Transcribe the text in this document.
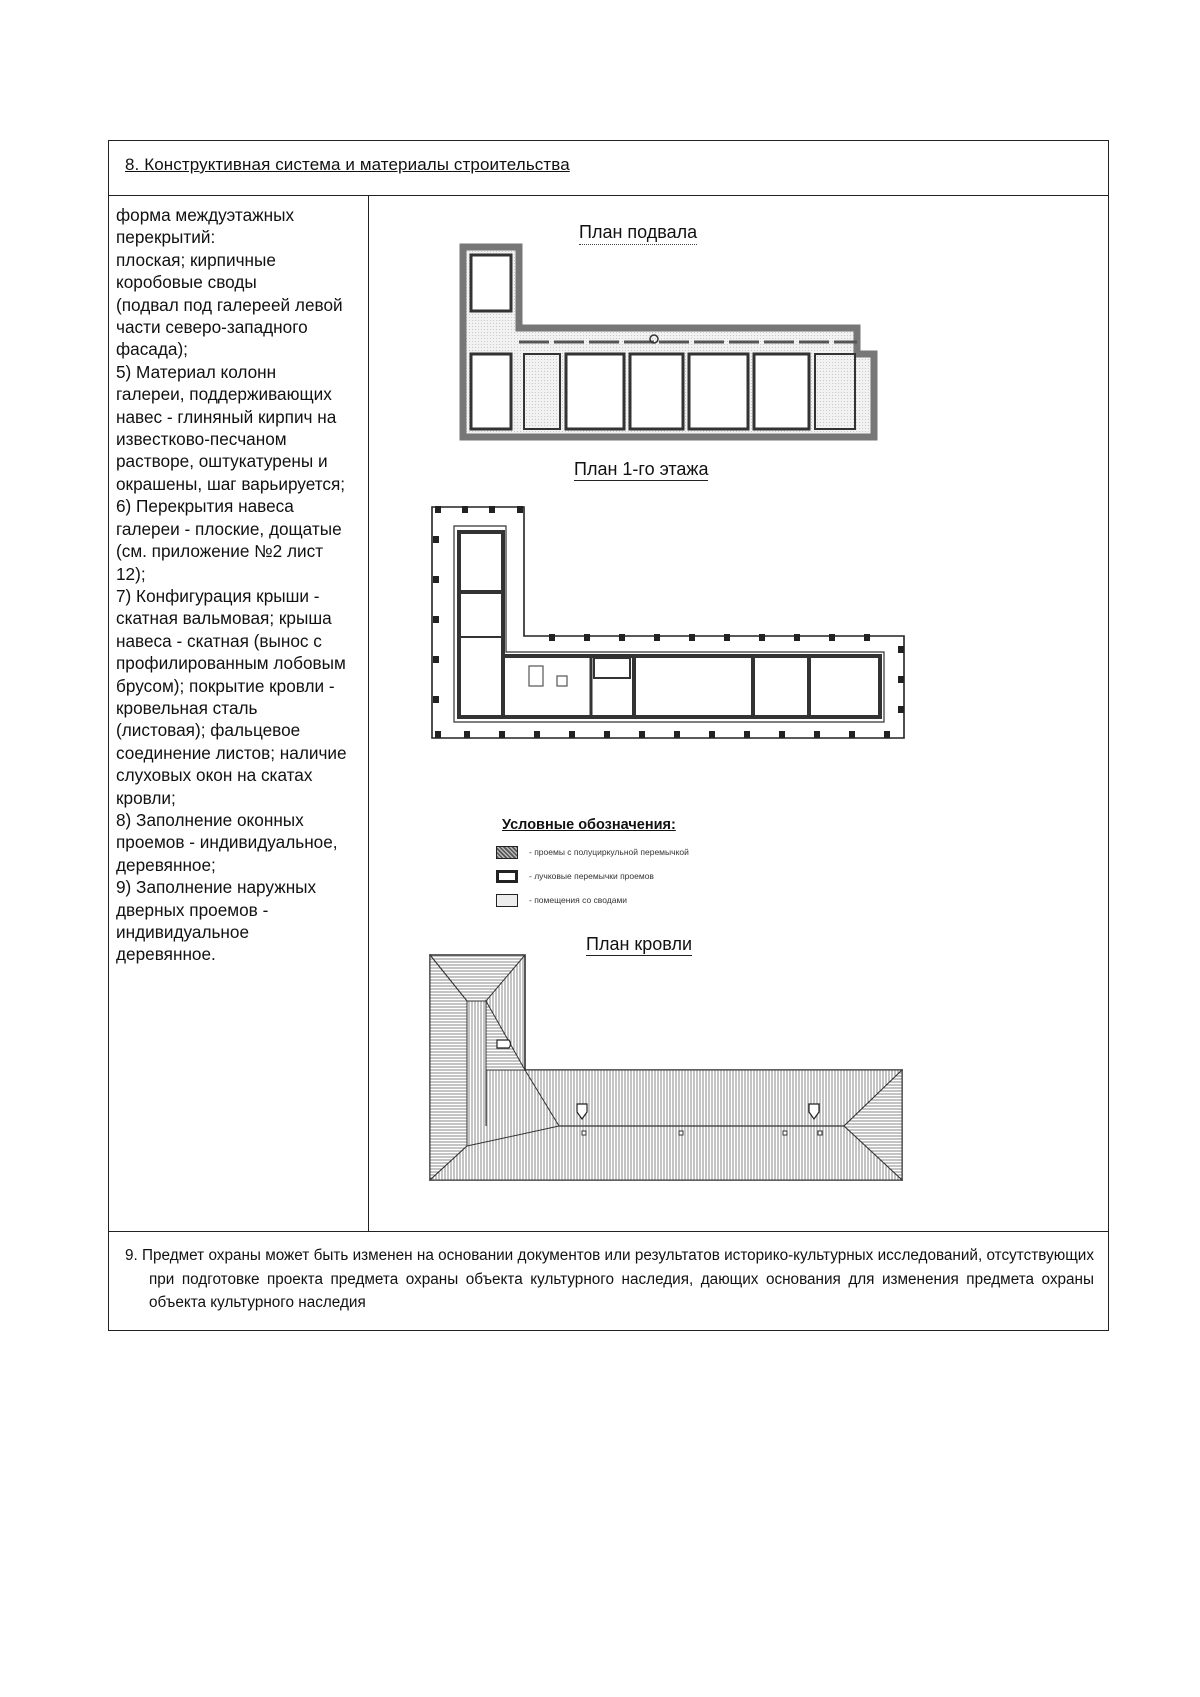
8. Конструктивная система и материалы строительства
форма междуэтажных
перекрытий:
плоская; кирпичные
коробовые своды
(подвал под галереей левой
части северо-западного
фасада);
5) Материал колонн
галереи, поддерживающих
навес - глиняный кирпич на
известково-песчаном
растворе, оштукатурены и
окрашены, шаг варьируется;
6) Перекрытия навеса
галереи - плоские, дощатые
(см. приложение №2 лист
12);
7) Конфигурация крыши -
скатная вальмовая; крыша
навеса - скатная (вынос с
профилированным лобовым
брусом); покрытие кровли -
кровельная сталь
(листовая); фальцевое
соединение листов; наличие
слуховых окон на скатах
кровли;
8) Заполнение оконных
проемов - индивидуальное,
деревянное;
9) Заполнение наружных
дверных проемов -
индивидуальное
деревянное.
План подвала
План 1-го этажа
Условные обозначения:
- проемы с полуциркульной перемычкой
- лучковые перемычки проемов
- помещения со сводами
План кровли

9. Предмет охраны может быть изменен на основании документов или результатов историко-культурных исследований, отсутствующих при подготовке проекта предмета охраны объекта культурного наследия, дающих основания для изменения предмета охраны объекта культурного наследия
